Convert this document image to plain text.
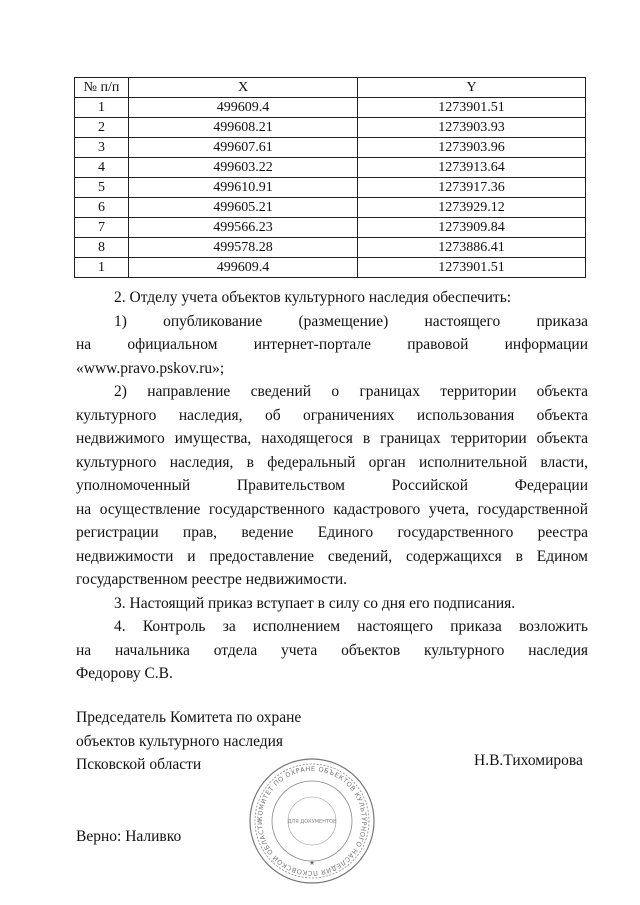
№ п/п	X	Y
1	499609.4	1273901.51
2	499608.21	1273903.93
3	499607.61	1273903.96
4	499603.22	1273913.64
5	499610.91	1273917.36
6	499605.21	1273929.12
7	499566.23	1273909.84
8	499578.28	1273886.41
1	499609.4	1273901.51

2. Отделу учета объектов культурного наследия обеспечить:

1)        опубликование        (размещение)        настоящего        приказа

на         официальном         интернет-портале         правовой         информации

«www.pravo.pskov.ru»;

2)   направление   сведений   о   границах   территории   объекта

культурного   наследия,   об   ограничениях   использования   объекта

недвижимого имущества, находящегося в границах территории объекта

культурного наследия, в федеральный орган исполнительной власти,

уполномоченный          Правительством          Российской          Федерации

на осуществление государственного кадастрового учета, государственной

регистрации   прав,   ведение   Единого   государственного   реестра

недвижимости и предоставление сведений, содержащихся в Едином

государственном реестре недвижимости.

3. Настоящий приказ вступает в силу со дня его подписания.

4.   Контроль   за   исполнением   настоящего   приказа   возложить

на    начальника    отдела    учета    объектов    культурного    наследия

Федорову С.В.

Председатель Комитета по охране
объектов культурного наследия
Псковской области	Н.В.Тихомирова
Верно: Наливко
КОМИТЕТ ПО ОХРАНЕ ОБЪЕКТОВ КУЛЬТУРНОГО НАСЛЕДИЯ ПСКОВСКОЙ ОБЛАСТИ	ДЛЯ ДОКУМЕНТОВ
★
